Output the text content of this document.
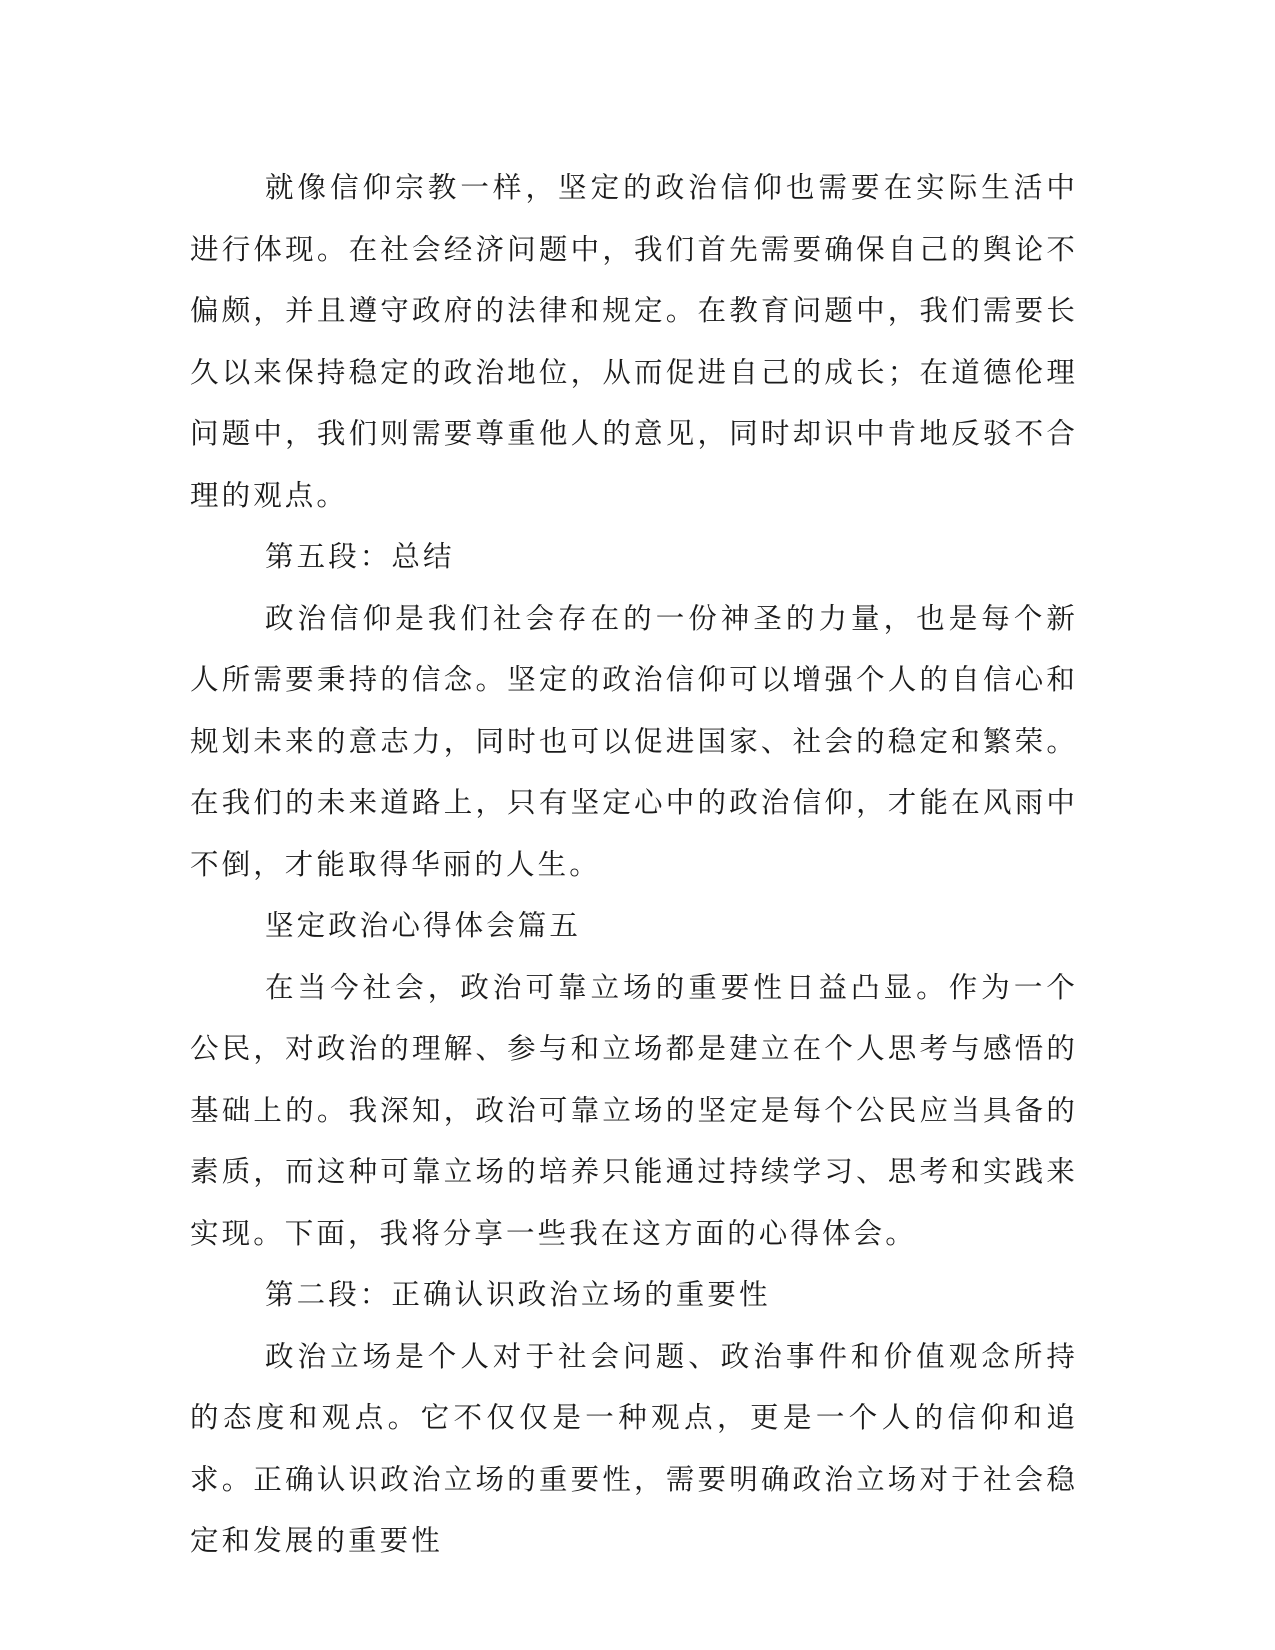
就像信仰宗教一样，坚定的政治信仰也需要在实际生活中进行体现。在社会经济问题中，我们首先需要确保自己的舆论不偏颇，并且遵守政府的法律和规定。在教育问题中，我们需要长久以来保持稳定的政治地位，从而促进自己的成长；在道德伦理问题中，我们则需要尊重他人的意见，同时却识中肯地反驳不合理的观点。

第五段：总结

政治信仰是我们社会存在的一份神圣的力量，也是每个新人所需要秉持的信念。坚定的政治信仰可以增强个人的自信心和规划未来的意志力，同时也可以促进国家、社会的稳定和繁荣。在我们的未来道路上，只有坚定心中的政治信仰，才能在风雨中不倒，才能取得华丽的人生。

坚定政治心得体会篇五

在当今社会，政治可靠立场的重要性日益凸显。作为一个公民，对政治的理解、参与和立场都是建立在个人思考与感悟的基础上的。我深知，政治可靠立场的坚定是每个公民应当具备的素质，而这种可靠立场的培养只能通过持续学习、思考和实践来实现。下面，我将分享一些我在这方面的心得体会。

第二段：正确认识政治立场的重要性

政治立场是个人对于社会问题、政治事件和价值观念所持的态度和观点。它不仅仅是一种观点，更是一个人的信仰和追求。正确认识政治立场的重要性，需要明确政治立场对于社会稳定和发展的重要性
